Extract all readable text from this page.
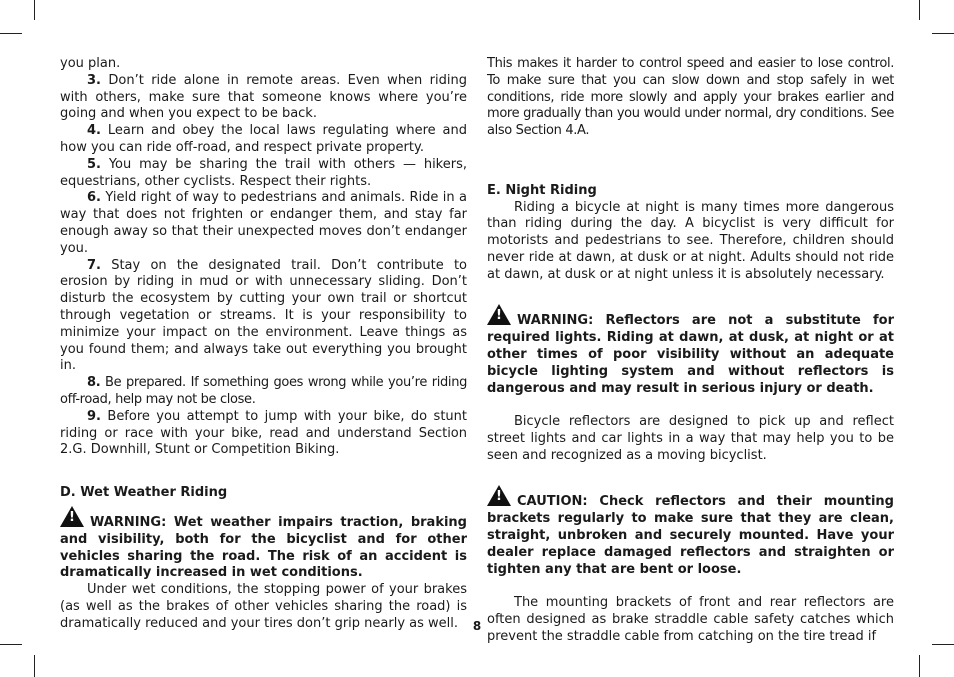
you plan.

3. Don’t ride alone in remote areas. Even when riding with others, make sure that someone knows where you’re going and when you expect to be back.

4. Learn and obey the local laws regulating where and how you can ride off-road, and respect private property.

5. You may be sharing the trail with others — hikers, equestrians, other cyclists. Respect their rights.

6. Yield right of way to pedestrians and animals. Ride in a way that does not frighten or endanger them, and stay far enough away so that their unexpected moves don’t endanger you.

7. Stay on the designated trail. Don’t contribute to erosion by riding in mud or with unnecessary sliding. Don’t disturb the ecosystem by cutting your own trail or shortcut through vegetation or streams. It is your responsibility to minimize your impact on the environment. Leave things as you found them; and always take out everything you brought in.

8. Be prepared. If something goes wrong while you’re riding off-road, help may not be close.

9. Before you attempt to jump with your bike, do stunt riding or race with your bike, read and understand Section 2.G. Downhill, Stunt or Competition Biking.

D. Wet Weather Riding

!WARNING: Wet weather impairs traction, braking and visibility, both for the bicyclist and for other vehicles sharing the road. The risk of an accident is dramatically increased in wet conditions.

Under wet conditions, the stopping power of your brakes (as well as the brakes of other vehicles sharing the road) is dramatically reduced and your tires don’t grip nearly as well.

This makes it harder to control speed and easier to lose control. To make sure that you can slow down and stop safely in wet conditions, ride more slowly and apply your brakes earlier and more gradually than you would under normal, dry conditions. See also Section 4.A.

E. Night Riding

Riding a bicycle at night is many times more dangerous than riding during the day. A bicyclist is very difficult for motorists and pedestrians to see. Therefore, children should never ride at dawn, at dusk or at night. Adults should not ride at dawn, at dusk or at night unless it is absolutely necessary.

!WARNING: Reflectors are not a substitute for required lights. Riding at dawn, at dusk, at night or at other times of poor visibility without an adequate bicycle lighting system and without reflectors is dangerous and may result in serious injury or death.

Bicycle reflectors are designed to pick up and reflect street lights and car lights in a way that may help you to be seen and recognized as a moving bicyclist.

!CAUTION: Check reflectors and their mounting brackets regularly to make sure that they are clean, straight, unbroken and securely mounted. Have your dealer replace damaged reflectors and straighten or tighten any that are bent or loose.

The mounting brackets of front and rear reflectors are often designed as brake straddle cable safety catches which prevent the straddle cable from catching on the tire tread if

8
